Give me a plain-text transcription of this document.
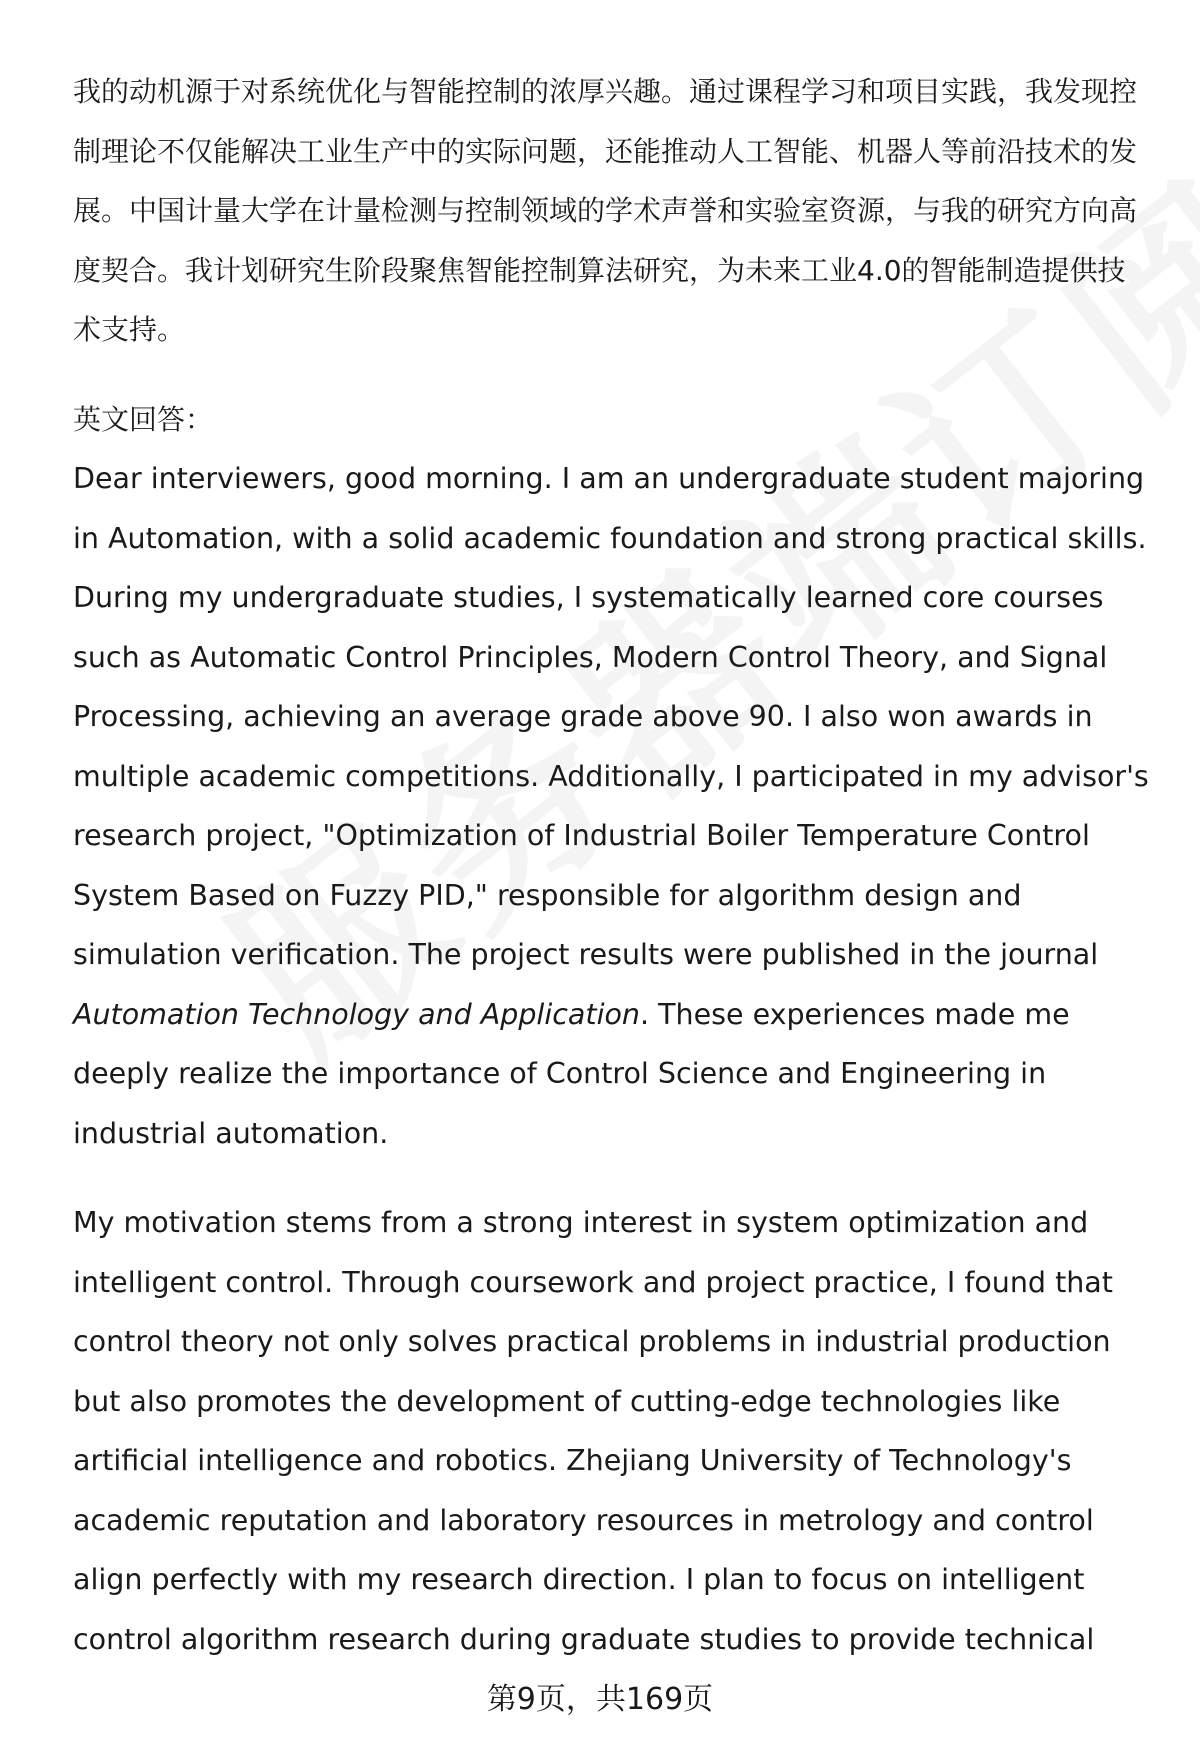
我的动机源于对系统优化与智能控制的浓厚兴趣。通过课程学习和项目实践，我发现控制理论不仅能解决工业生产中的实际问题，还能推动人工智能、机器人等前沿技术的发展。中国计量大学在计量检测与控制领域的学术声誉和实验室资源，与我的研究方向高度契合。我计划研究生阶段聚焦智能控制算法研究，为未来工业4.0的智能制造提供技术支持。

英文回答：

Dear interviewers, good morning. I am an undergraduate student majoring in Automation, with a solid academic foundation and strong practical skills. During my undergraduate studies, I systematically learned core courses such as Automatic Control Principles, Modern Control Theory, and Signal Processing, achieving an average grade above 90. I also won awards in multiple academic competitions. Additionally, I participated in my advisor's research project, "Optimization of Industrial Boiler Temperature Control System Based on Fuzzy PID," responsible for algorithm design and simulation verification. The project results were published in the journal Automation Technology and Application. These experiences made me deeply realize the importance of Control Science and Engineering in industrial automation.

My motivation stems from a strong interest in system optimization and intelligent control. Through coursework and project practice, I found that control theory not only solves practical problems in industrial production but also promotes the development of cutting-edge technologies like artificial intelligence and robotics. Zhejiang University of Technology's academic reputation and laboratory resources in metrology and control align perfectly with my research direction. I plan to focus on intelligent control algorithm research during graduate studies to provide technical

第9页，共169页
